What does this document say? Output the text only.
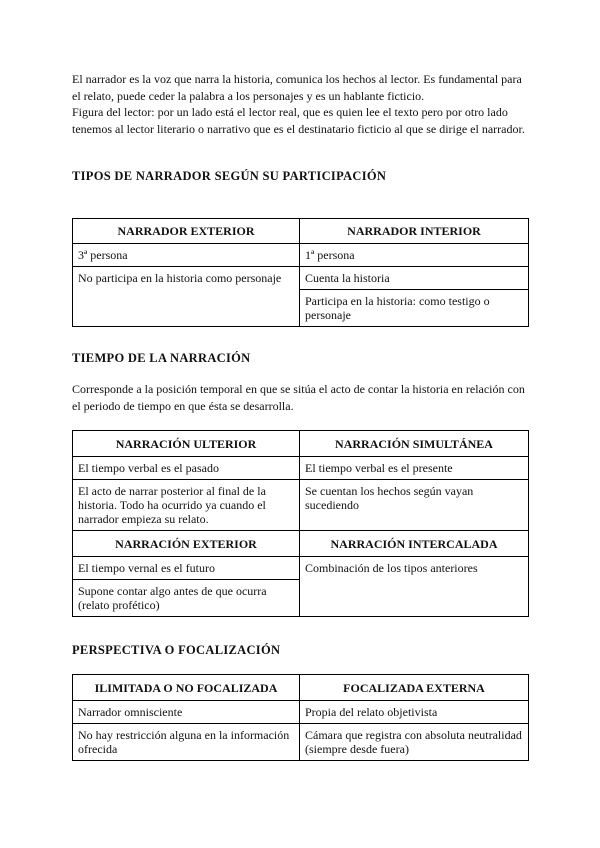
El narrador es la voz que narra la historia, comunica los hechos al lector. Es fundamental para el relato, puede ceder la palabra a los personajes y es un hablante ficticio.

Figura del lector: por un lado está el lector real, que es quien lee el texto pero por otro lado tenemos al lector literario o narrativo que es el destinatario ficticio al que se dirige el narrador.

TIPOS DE NARRADOR SEGÚN SU PARTICIPACIÓN
NARRADOR EXTERIOR	NARRADOR INTERIOR
3ª persona	1ª persona
No participa en la historia como personaje	Cuenta la historia
	Participa en la historia: como testigo o personaje
TIEMPO DE LA NARRACIÓN

Corresponde a la posición temporal en que se sitúa el acto de contar la historia en relación con el periodo de tiempo en que ésta se desarrolla.

NARRACIÓN ULTERIOR	NARRACIÓN SIMULTÁNEA
El tiempo verbal es el pasado	El tiempo verbal es el presente
El acto de narrar posterior al final de la historia. Todo ha ocurrido ya cuando el narrador empieza su relato.	Se cuentan los hechos según vayan sucediendo
NARRACIÓN EXTERIOR	NARRACIÓN INTERCALADA
El tiempo vernal es el futuro	Combinación de los tipos anteriores
Supone contar algo antes de que ocurra (relato profético)	
PERSPECTIVA O FOCALIZACIÓN
ILIMITADA O NO FOCALIZADA	FOCALIZADA EXTERNA
Narrador omnisciente	Propia del relato objetivista
No hay restricción alguna en la información ofrecida	Cámara que registra con absoluta neutralidad (siempre desde fuera)
